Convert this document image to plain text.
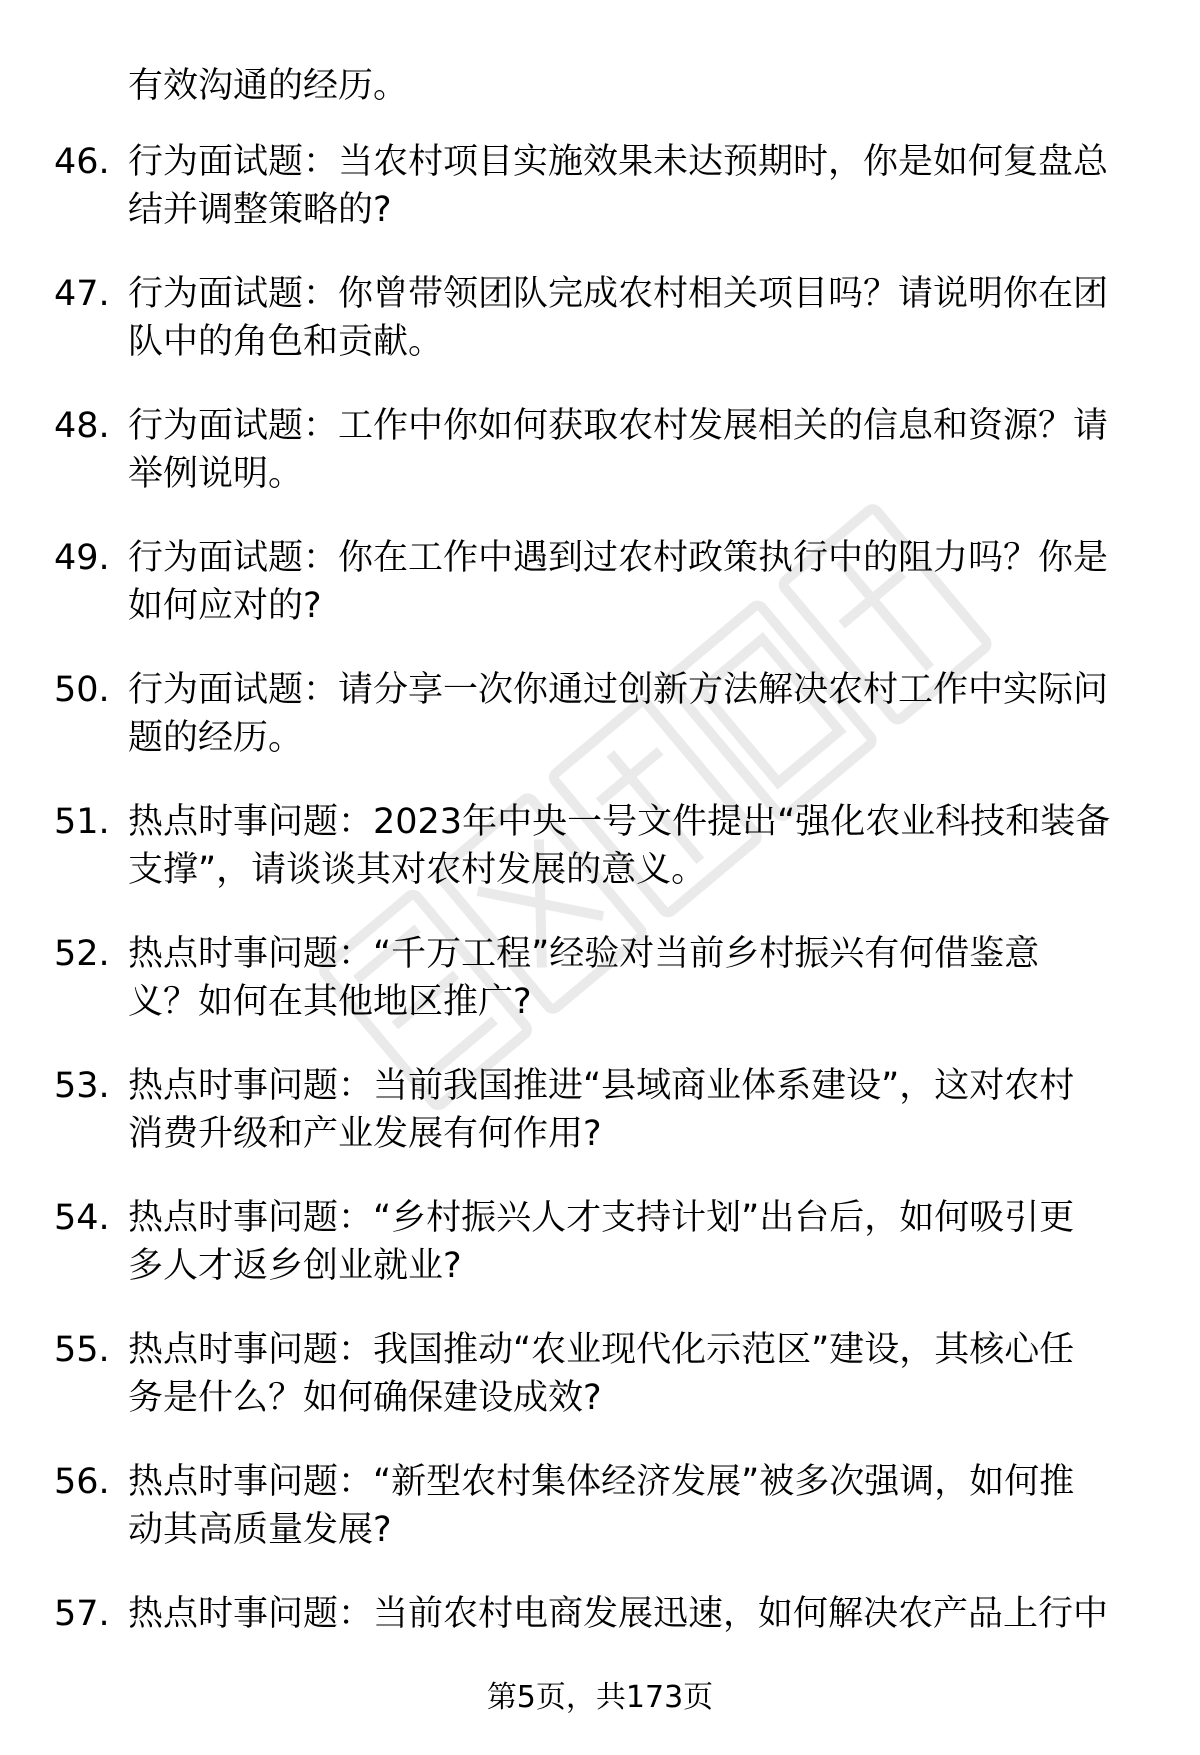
有效沟通的经历。
46. 行为面试题：当农村项目实施效果未达预期时，你是如何复盘总
结并调整策略的?
47. 行为面试题：你曾带领团队完成农村相关项目吗？请说明你在团
队中的角色和贡献。
48. 行为面试题：工作中你如何获取农村发展相关的信息和资源？请
举例说明。
49. 行为面试题：你在工作中遇到过农村政策执行中的阻力吗？你是
如何应对的?
50. 行为面试题：请分享一次你通过创新方法解决农村工作中实际问
题的经历。
51. 热点时事问题：2023年中央一号文件提出“强化农业科技和装备
支撑”，请谈谈其对农村发展的意义。
52. 热点时事问题：“千万工程”经验对当前乡村振兴有何借鉴意
义？如何在其他地区推广?
53. 热点时事问题：当前我国推进“县域商业体系建设”，这对农村
消费升级和产业发展有何作用?
54. 热点时事问题：“乡村振兴人才支持计划”出台后，如何吸引更
多人才返乡创业就业?
55. 热点时事问题：我国推动“农业现代化示范区”建设，其核心任
务是什么？如何确保建设成效?
56. 热点时事问题：“新型农村集体经济发展”被多次强调，如何推
动其高质量发展?
57. 热点时事问题：当前农村电商发展迅速，如何解决农产品上行中
第5页，共173页
